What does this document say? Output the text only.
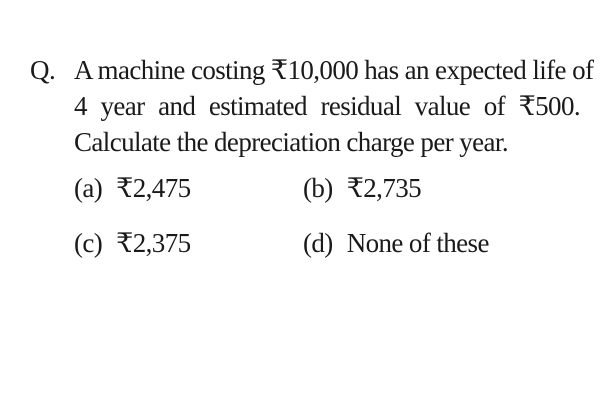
Q. A machine costing ₹10,000 has an expected life of
4 year and estimated residual value of ₹500.
Calculate the depreciation charge per year.
(a) ₹2,475	(b) ₹2,735
(c) ₹2,375	(d) None of these
